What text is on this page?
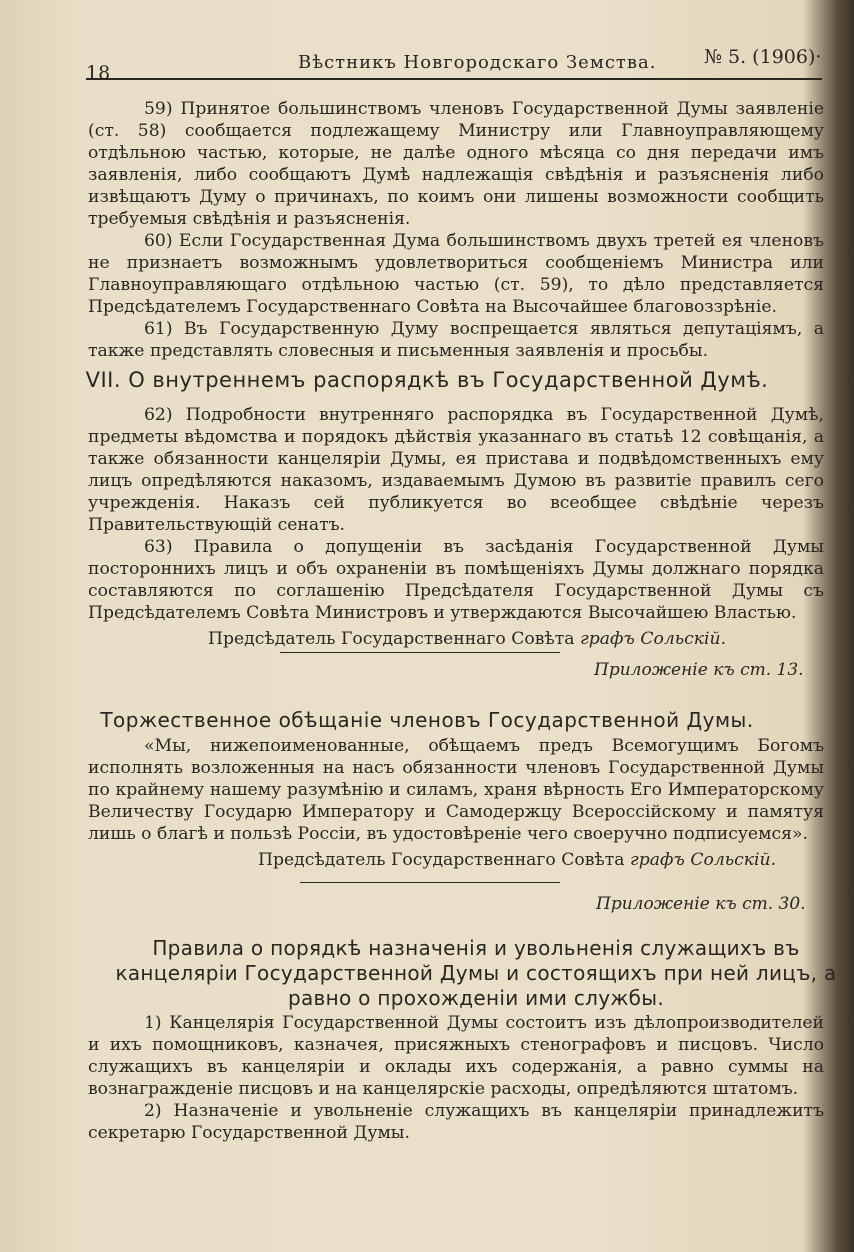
18	Вѣстникъ Новгородскаго Земства.	№ 5. (1906)·

59) Принятое большинствомъ членовъ Государственной Думы заявленіе (ст. 58) сообщается подлежащему Министру или Главноуправляющему отдѣльною частью, которые, не далѣе одного мѣсяца со дня передачи имъ заявленія, либо сообщаютъ Думѣ надлежащія свѣдѣнія и разъясненія либо извѣщаютъ Думу о причинахъ, по коимъ они лишены возможности сообщить требуемыя свѣдѣнія и разъясненія.

60) Если Государственная Дума большинствомъ двухъ третей ея членовъ не признаетъ возможнымъ удовлетвориться сообщеніемъ Министра или Главноуправляющаго отдѣльною частью (ст. 59), то дѣло представляется Предсѣдателемъ Государственнаго Совѣта на Высочайшее благовоззрѣніе.

61) Въ Государственную Думу воспрещается являться депутаціямъ, а также представлять словесныя и письменныя заявленія и просьбы.

VII. О внутреннемъ распорядкѣ въ Государственной Думѣ.

62) Подробности внутренняго распорядка въ Государственной Думѣ, предметы вѣдомства и порядокъ дѣйствія указаннаго въ статьѣ 12 совѣщанія, а также обязанности канцеляріи Думы, ея пристава и подвѣдомственныхъ ему лицъ опредѣляются наказомъ, издаваемымъ Думою въ развитіе правилъ сего учрежденія. Наказъ сей публикуется во всеобщее свѣдѣніе черезъ Правительствующій сенатъ.

63) Правила о допущеніи въ засѣданія Государственной Думы постороннихъ лицъ и объ охраненіи въ помѣщеніяхъ Думы должнаго порядка составляются по соглашенію Предсѣдателя Государственной Думы съ Предсѣдателемъ Совѣта Министровъ и утверждаются Высочайшею Властью.

Предсѣдатель Государственнаго Совѣта графъ Сольскій.

Приложеніе къ ст. 13.
Торжественное обѣщаніе членовъ Государственной Думы.

«Мы, нижепоименованные, обѣщаемъ предъ Всемогущимъ Богомъ исполнять возложенныя на насъ обязанности членовъ Государственной Думы по крайнему нашему разумѣнію и силамъ, храня вѣрность Его Императорскому Величеству Государю Императору и Самодержцу Всероссійскому и памятуя лишь о благѣ и пользѣ Россіи, въ удостовѣреніе чего своеручно подписуемся».

Предсѣдатель Государственнаго Совѣта графъ Сольскій.

Приложеніе къ ст. 30.
Правила о порядкѣ назначенія и увольненія служащихъ въ канцеляріи Государственной Думы и состоящихъ при ней лицъ, а равно о прохожденіи ими службы.

1) Канцелярія Государственной Думы состоитъ изъ дѣлопроизводителей и ихъ помощниковъ, казначея, присяжныхъ стенографовъ и писцовъ. Число служащихъ въ канцеляріи и оклады ихъ содержанія, а равно суммы на вознагражденіе писцовъ и на канцелярскіе расходы, опредѣляются штатомъ.

2) Назначеніе и увольненіе служащихъ въ канцеляріи принадлежитъ секретарю Государственной Думы.
